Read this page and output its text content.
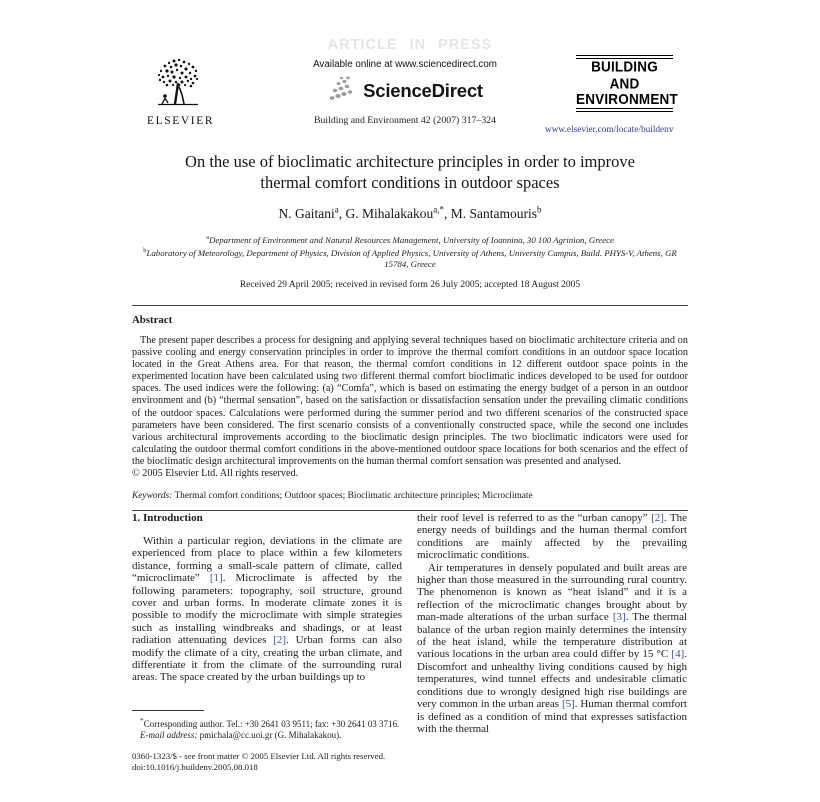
ARTICLE IN PRESS
ELSEVIER
Available online at www.sciencedirect.com
ScienceDirect
Building and Environment 42 (2007) 317–324
BUILDING AND
ENVIRONMENT
www.elsevier.com/locate/buildenv
On the use of bioclimatic architecture principles in order to improve
thermal comfort conditions in outdoor spaces
N. Gaitani$^a$, G. Mihalakakou$^{a,*}$, M. Santamouris$^b$
$^a$Department of Environment and Natural Resources Management, University of Ioannina, 30 100 Agrinion, Greece
$^b$Laboratory of Meteorology, Department of Physics, Division of Applied Physics, University of Athens, University Campus, Build. PHYS-V, Athens, GR 15784, Greece
Received 29 April 2005; received in revised form 26 July 2005; accepted 18 August 2005
Abstract

The present paper describes a process for designing and applying several techniques based on bioclimatic architecture criteria and on passive cooling and energy conservation principles in order to improve the thermal comfort conditions in an outdoor space location located in the Great Athens area. For that reason, the thermal comfort conditions in 12 different outdoor space points in the experimented location have been calculated using two different thermal comfort bioclimatic indices developed to be used for outdoor spaces. The used indices were the following: (a) “Comfa”, which is based on estimating the energy budget of a person in an outdoor environment and (b) “thermal sensation”, based on the satisfaction or dissatisfaction sensation under the prevailing climatic conditions of the outdoor spaces. Calculations were performed during the summer period and two different scenarios of the constructed space parameters have been considered. The first scenario consists of a conventionally constructed space, while the second one includes various architectural improvements according to the bioclimatic design principles. The two bioclimatic indicators were used for calculating the outdoor thermal comfort conditions in the above-mentioned outdoor space locations for both scenarios and the effect of the bioclimatic design architectural improvements on the human thermal comfort sensation was presented and analysed.

© 2005 Elsevier Ltd. All rights reserved.

Keywords: Thermal comfort conditions; Outdoor spaces; Bioclimatic architecture principles; Microclimate

1. Introduction

Within a particular region, deviations in the climate are experienced from place to place within a few kilometers distance, forming a small-scale pattern of climate, called “microclimate” [1]. Microclimate is affected by the following parameters: topography, soil structure, ground cover and urban forms. In moderate climate zones it is possible to modify the microclimate with simple strategies such as installing windbreaks and shadings, or at least radiation attenuating devices [2]. Urban forms can also modify the climate of a city, creating the urban climate, and differentiate it from the climate of the surrounding rural areas. The space created by the urban buildings up to

*Corresponding author. Tel.: +30 2641 03 9511; fax: +30 2641 03 3716.

E-mail address: pmichala@cc.uoi.gr (G. Mihalakakou).

0360-1323/$ - see front matter © 2005 Elsevier Ltd. All rights reserved.

doi:10.1016/j.buildenv.2005.08.018

their roof level is referred to as the “urban canopy” [2]. The energy needs of buildings and the human thermal comfort conditions are mainly affected by the prevailing microclimatic conditions.

Air temperatures in densely populated and built areas are higher than those measured in the surrounding rural country. The phenomenon is known as “heat island” and it is a reflection of the microclimatic changes brought about by man-made alterations of the urban surface [3]. The thermal balance of the urban region mainly determines the intensity of the heat island, while the temperature distribution at various locations in the urban area could differ by 15 °C [4]. Discomfort and unhealthy living conditions caused by high temperatures, wind tunnel effects and undesirable climatic conditions due to wrongly designed high rise buildings are very common in the urban areas [5]. Human thermal comfort is defined as a condition of mind that expresses satisfaction with the thermal
